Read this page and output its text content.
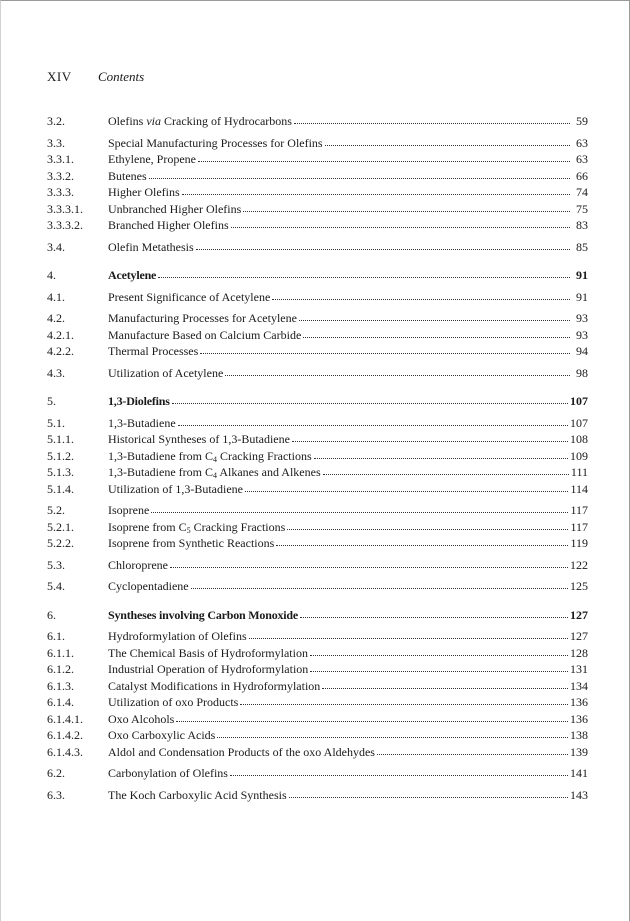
XIV Contents
3.2.	Olefins via Cracking of Hydrocarbons	59
3.3.	Special Manufacturing Processes for Olefins	63
3.3.1.	Ethylene, Propene	63
3.3.2.	Butenes	66
3.3.3.	Higher Olefins	74
3.3.3.1.	Unbranched Higher Olefins	75
3.3.3.2.	Branched Higher Olefins	83
3.4.	Olefin Metathesis	85
4.	Acetylene	91
4.1.	Present Significance of Acetylene	91
4.2.	Manufacturing Processes for Acetylene	93
4.2.1.	Manufacture Based on Calcium Carbide	93
4.2.2.	Thermal Processes	94
4.3.	Utilization of Acetylene	98
5.	1,3-Diolefins	107
5.1.	1,3-Butadiene	107
5.1.1.	Historical Syntheses of 1,3-Butadiene	108
5.1.2.	1,3-Butadiene from $C_4$ Cracking Fractions	109
5.1.3.	1,3-Butadiene from $C_4$ Alkanes and Alkenes	111
5.1.4.	Utilization of 1,3-Butadiene	114
5.2.	Isoprene	117
5.2.1.	Isoprene from $C_5$ Cracking Fractions	117
5.2.2.	Isoprene from Synthetic Reactions	119
5.3.	Chloroprene	122
5.4.	Cyclopentadiene	125
6.	Syntheses involving Carbon Monoxide	127
6.1.	Hydroformylation of Olefins	127
6.1.1.	The Chemical Basis of Hydroformylation	128
6.1.2.	Industrial Operation of Hydroformylation	131
6.1.3.	Catalyst Modifications in Hydroformylation	134
6.1.4.	Utilization of oxo Products	136
6.1.4.1.	Oxo Alcohols	136
6.1.4.2.	Oxo Carboxylic Acids	138
6.1.4.3.	Aldol and Condensation Products of the oxo Aldehydes	139
6.2.	Carbonylation of Olefins	141
6.3.	The Koch Carboxylic Acid Synthesis	143
